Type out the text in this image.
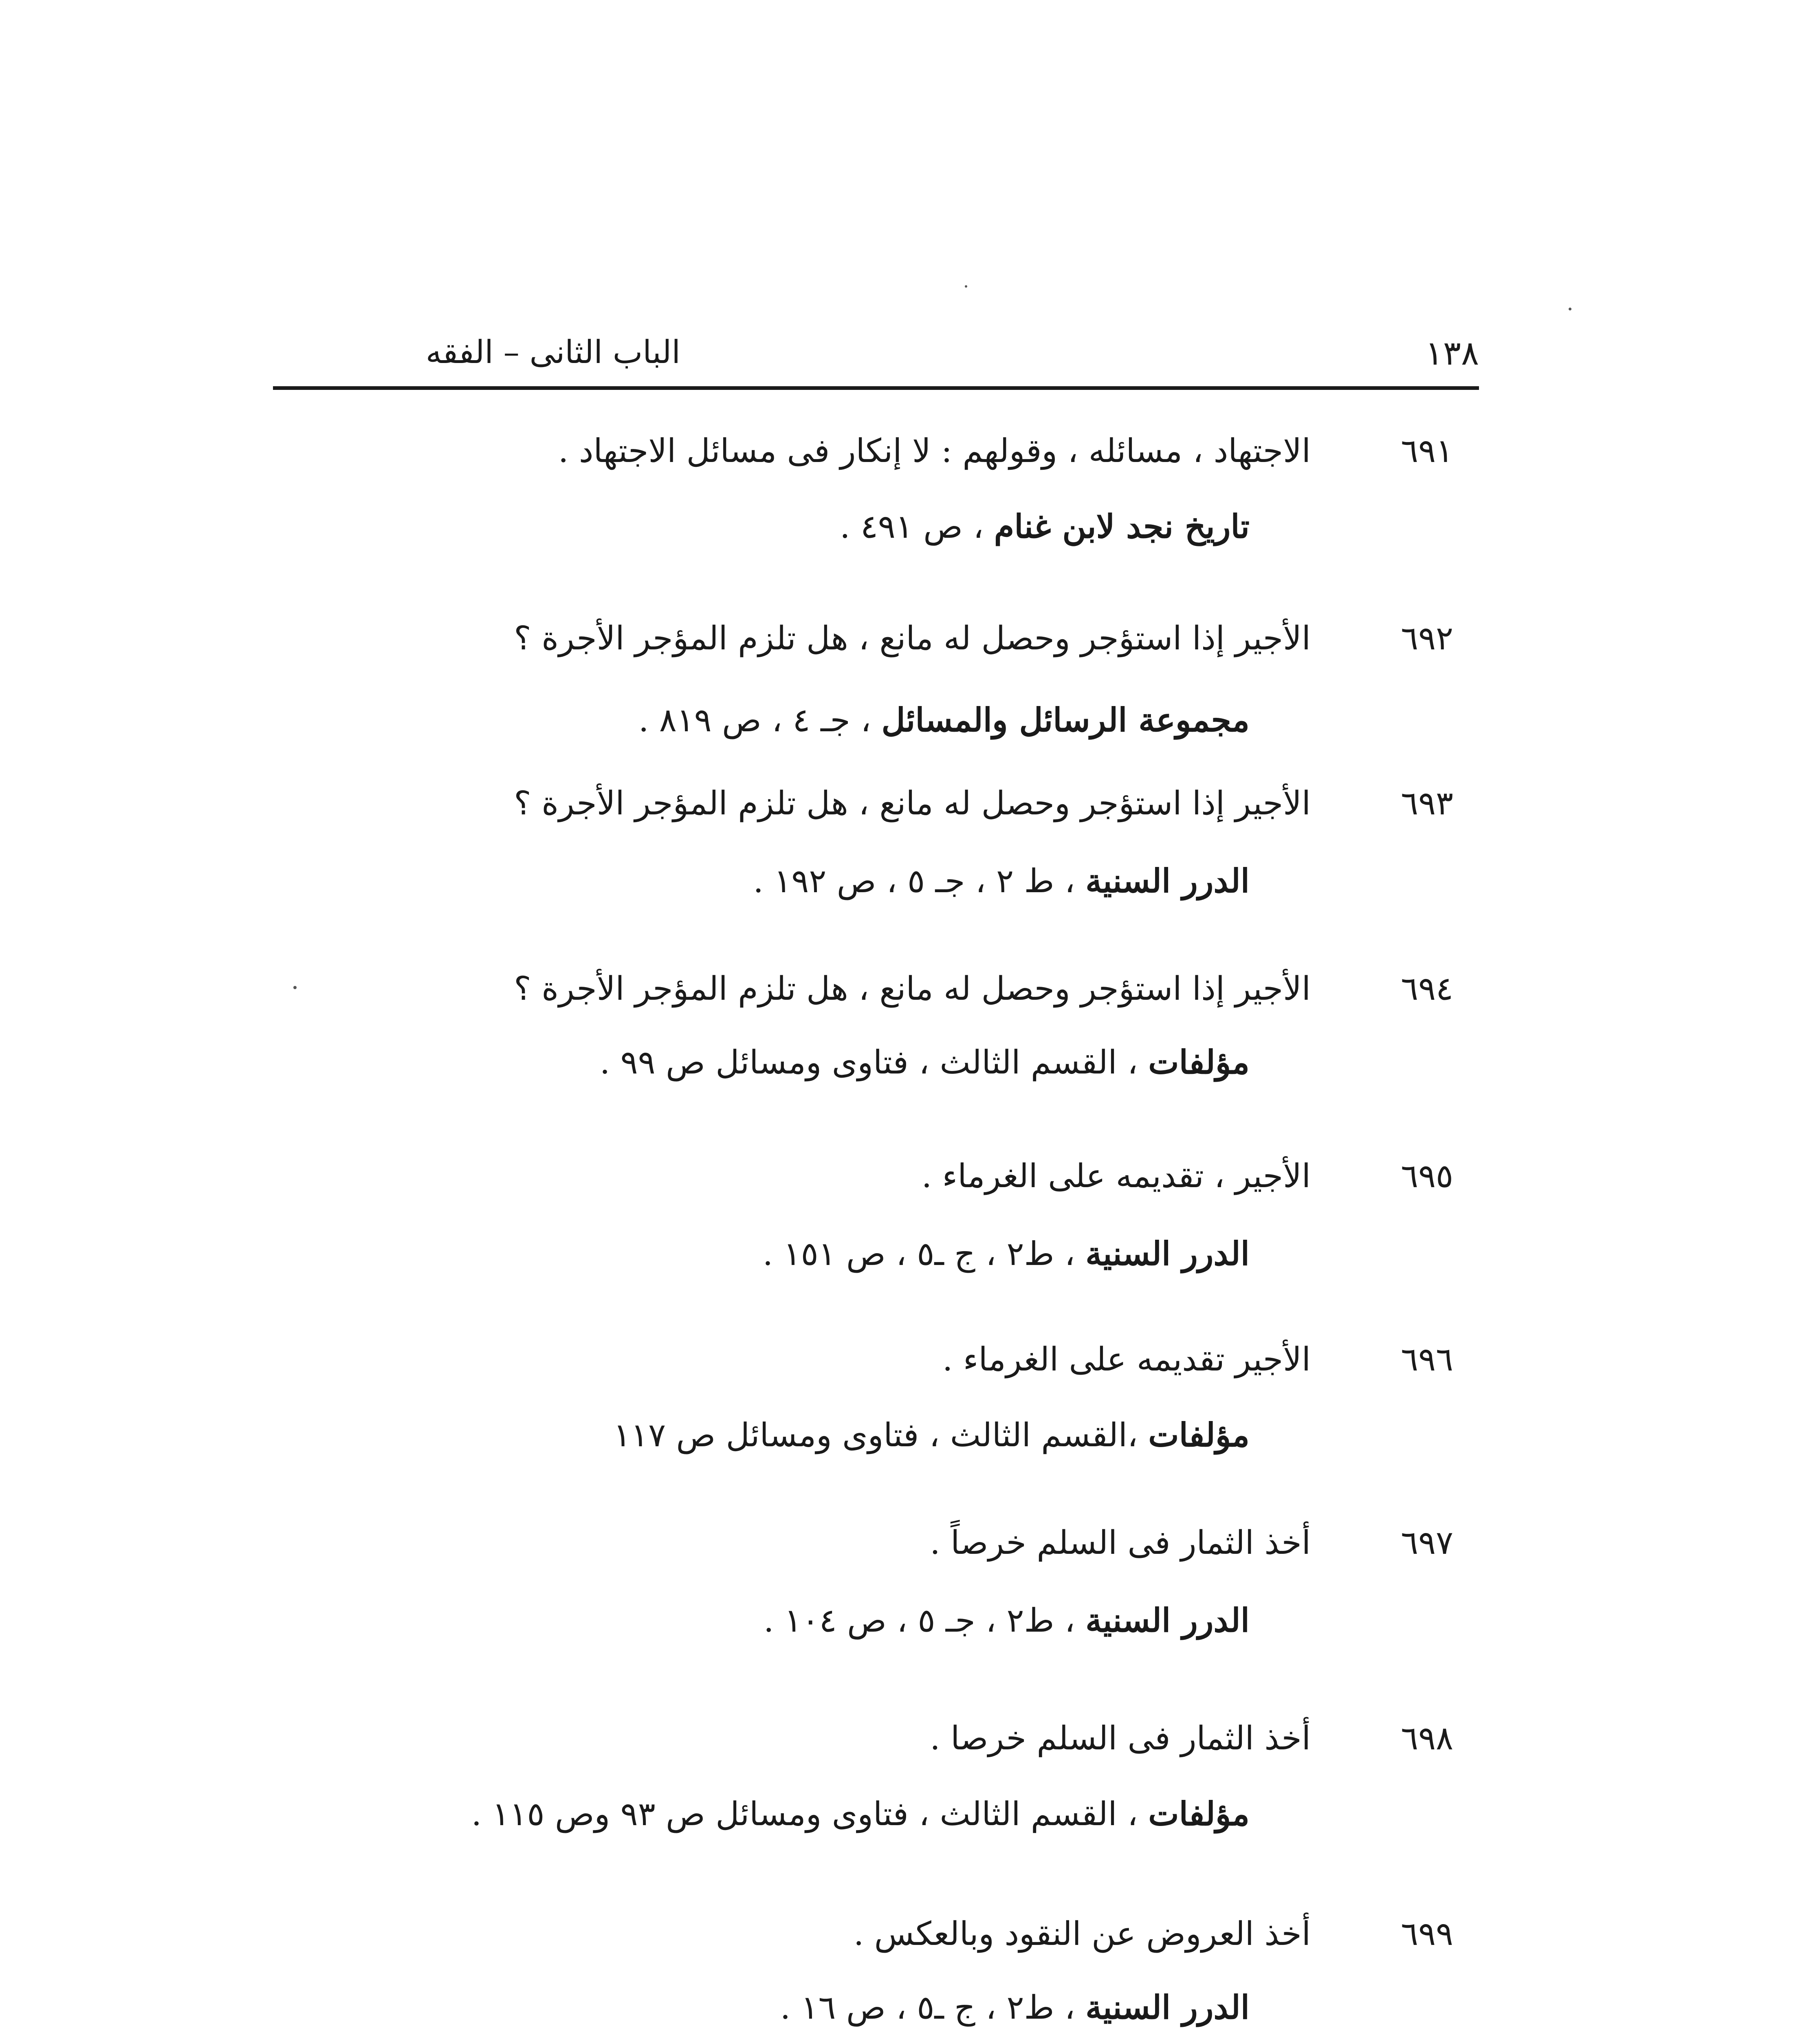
الباب الثانى – الفقه	١٣٨
٦٩١
الاجتهاد ، مسائله ، وقولهم : لا إنكار فى مسائل الاجتهاد .
تاريخ نجد لابن غنام ، ص ٤٩١ .
٦٩٢
الأجير إذا استؤجر وحصل له مانع ، هل تلزم المؤجر الأجرة ؟
مجموعة الرسائل والمسائل ، جـ ٤ ، ص ٨١٩ .
٦٩٣
الأجير إذا استؤجر وحصل له مانع ، هل تلزم المؤجر الأجرة ؟
الدرر السنية ، ط ٢ ، جـ ٥ ، ص ١٩٢ .
٦٩٤
الأجير إذا استؤجر وحصل له مانع ، هل تلزم المؤجر الأجرة ؟
مؤلفات ، القسم الثالث ، فتاوى ومسائل ص ٩٩ .
٦٩٥
الأجير ، تقديمه على الغرماء .
الدرر السنية ، ط٢ ، ج ـ٥ ، ص ١٥١ .
٦٩٦
الأجير تقديمه على الغرماء .
مؤلفات ،القسم الثالث ، فتاوى ومسائل ص ١١٧
٦٩٧
أخذ الثمار فى السلم خرصاً .
الدرر السنية ، ط٢ ، جـ ٥ ، ص ١٠٤ .
٦٩٨
أخذ الثمار فى السلم خرصا .
مؤلفات ، القسم الثالث ، فتاوى ومسائل ص ٩٣ وص ١١٥ .
٦٩٩
أخذ العروض عن النقود وبالعكس .
الدرر السنية ، ط٢ ، ج ـ٥ ، ص ١٦ .
